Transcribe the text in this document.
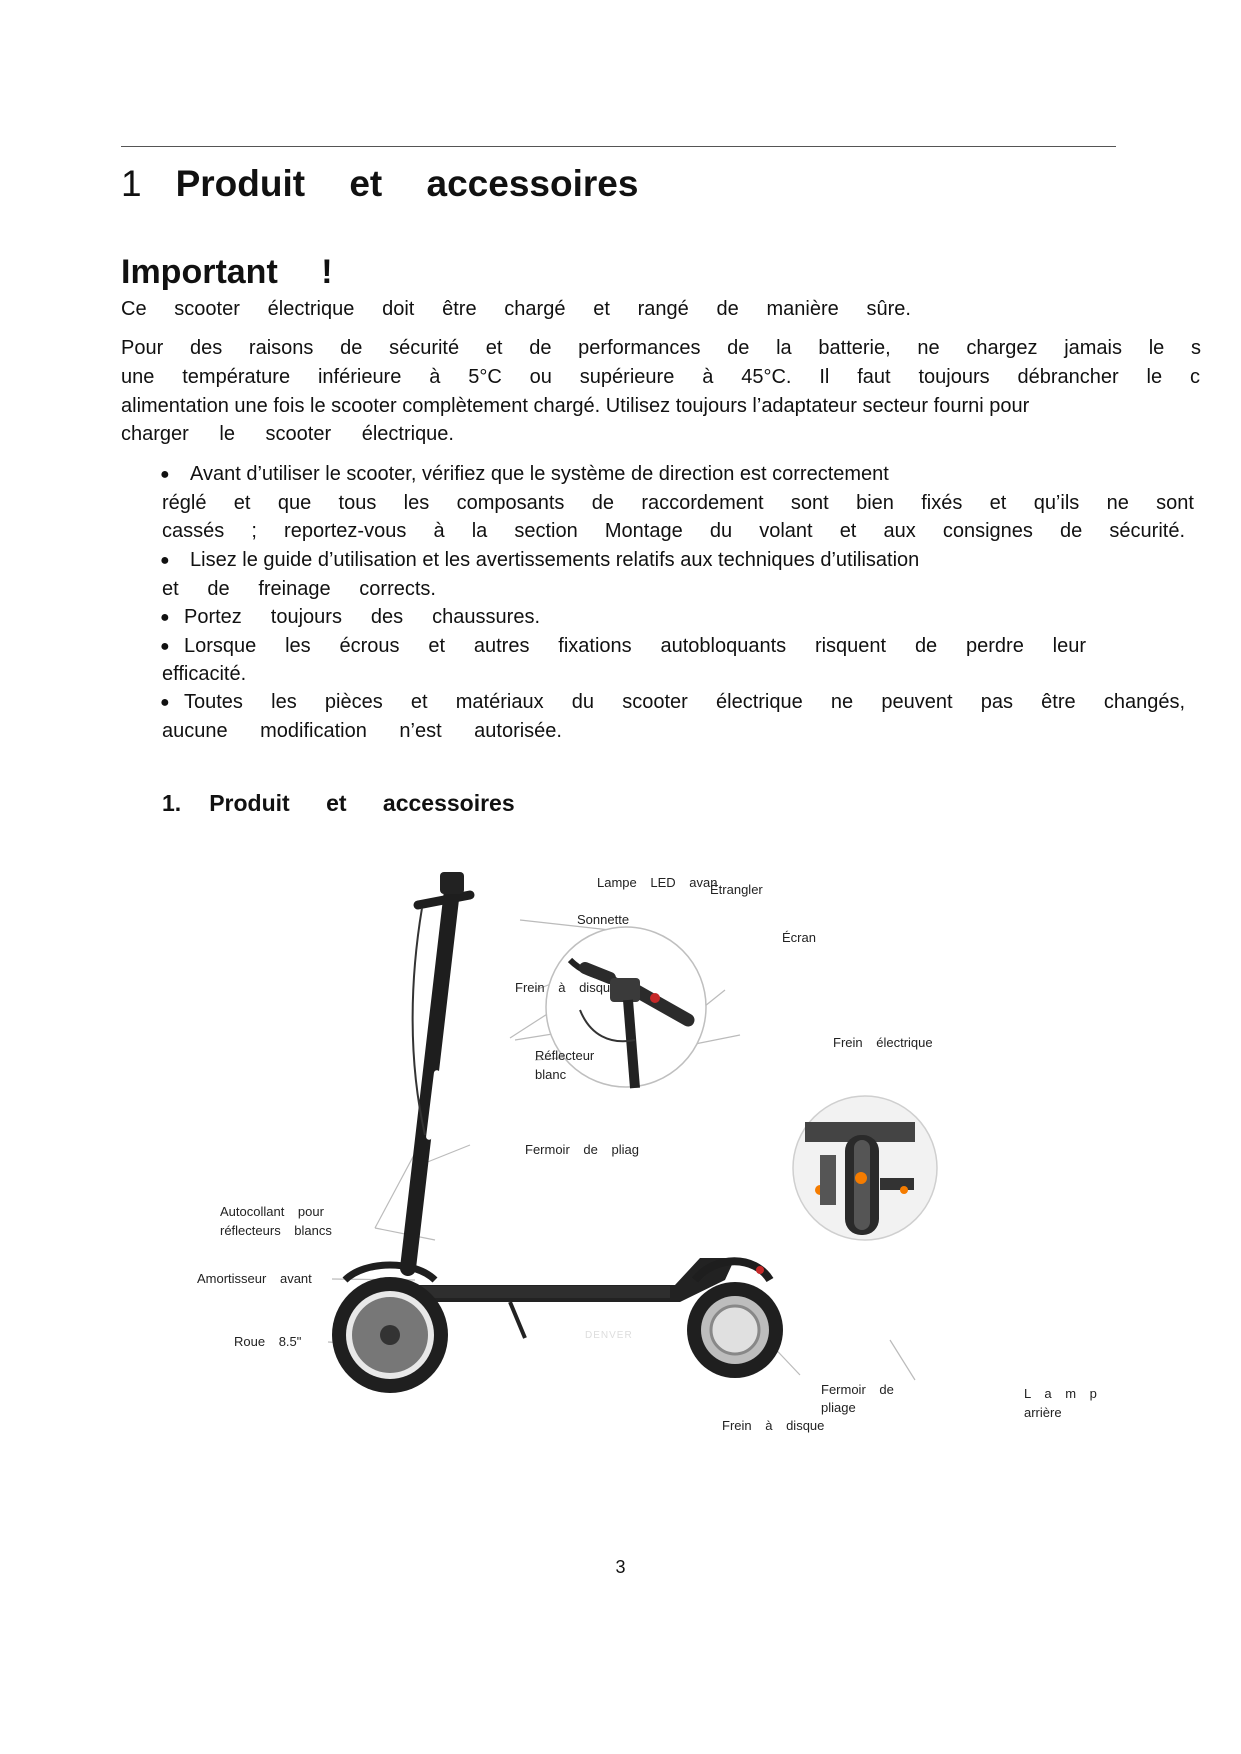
1 Produit et accessoires
Important !
Ce scooter électrique doit être chargé et rangé de manière sûre.
Pour des raisons de sécurité et de performances de la batterie, ne chargez jamais le s
une température inférieure à 5°C ou supérieure à 45°C. Il faut toujours débrancher le c
alimentation une fois le scooter complètement chargé. Utilisez toujours l’adaptateur secteur fourni pour
charger le scooter électrique.
● Avant d’utiliser le scooter, vérifiez que le système de direction est correctement
réglé et que tous les composants de raccordement sont bien fixés et qu’ils ne sont
cassés ; reportez-vous à la section Montage du volant et aux consignes de sécurité.
● Lisez le guide d’utilisation et les avertissements relatifs aux techniques d’utilisation
et de freinage corrects.
● Portez toujours des chaussures.
● Lorsque les écrous et autres fixations autobloquants risquent de perdre leur
efficacité.
● Toutes les pièces et matériaux du scooter électrique ne peuvent pas être changés,
aucune modification n’est autorisée.
1. Produit et accessoires
DENVER
Lampe LED avan
Étrangler
Sonnette
Écran
Frein à disqu
Frein électrique
Réflecteur
blanc
Fermoir de pliag
Autocollant pour
réflecteurs blancs
Amortisseur avant
Roue 8.5"
Fermoir de
pliage
Frein à disque
L a m p
arrière
3
